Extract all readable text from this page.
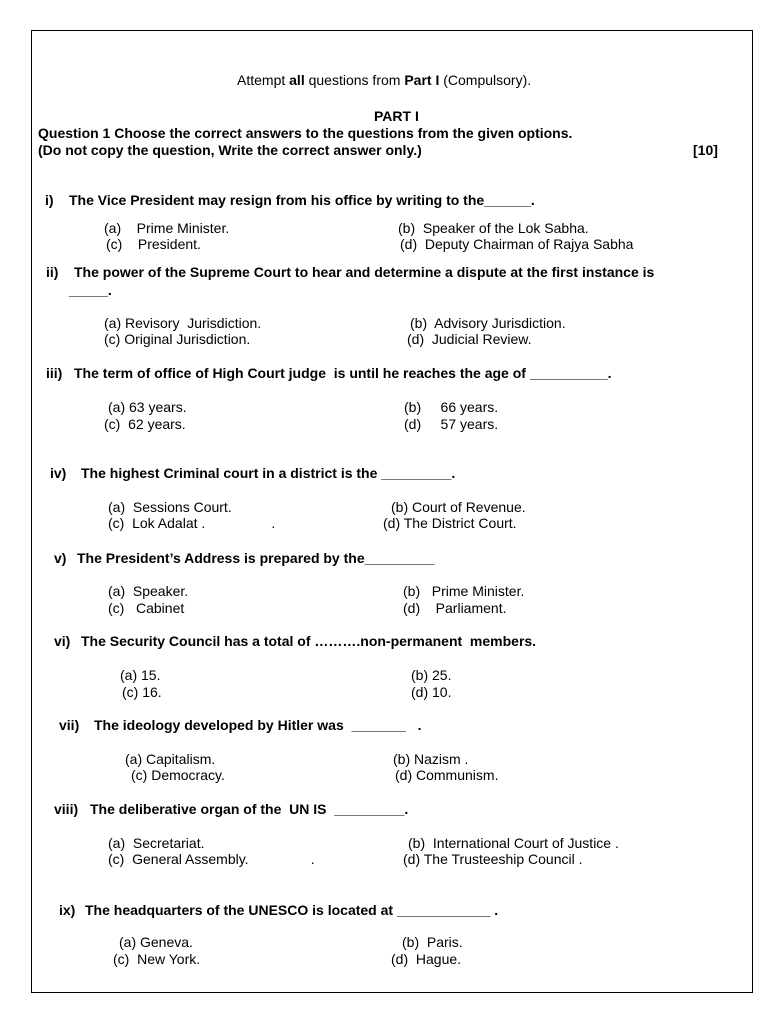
Attempt all questions from Part I (Compulsory).
PART I
Question 1 Choose the correct answers to the questions from the given options.
(Do not copy the question, Write the correct answer only.)	[10]
i) The Vice President may resign from his office by writing to the______.
(a)    Prime Minister.	(b)  Speaker of the Lok Sabha.
(c)    President.	(d)  Deputy Chairman of Rajya Sabha
ii) The power of the Supreme Court to hear and determine a dispute at the first instance is
_____.
(a) Revisory  Jurisdiction.	(b)  Advisory Jurisdiction.
(c) Original Jurisdiction.	(d)  Judicial Review.
iii) The term of office of High Court judge  is until he reaches the age of __________.
(a) 63 years.	(b)     66 years.
(c)  62 years.	(d)     57 years.
iv) The highest Criminal court in a district is the _________.
(a)  Sessions Court.	(b) Court of Revenue.
(c)  Lok Adalat .                 .	(d) The District Court.
v) The President’s Address is prepared by the_________
(a)  Speaker.	(b)   Prime Minister.
(c)   Cabinet	(d)    Parliament.
vi) The Security Council has a total of ……….non-permanent  members.
(a) 15.	(b) 25.
(c) 16.	(d) 10.
vii) The ideology developed by Hitler was  _______   .
(a) Capitalism.	(b) Nazism .
(c) Democracy.	(d) Communism.
viii) The deliberative organ of the  UN IS  _________.
(a)  Secretariat.	(b)  International Court of Justice .
(c)  General Assembly.                .	(d) The Trusteeship Council .
ix) The headquarters of the UNESCO is located at ____________ .
(a) Geneva.	(b)  Paris.
(c)  New York.	(d)  Hague.
